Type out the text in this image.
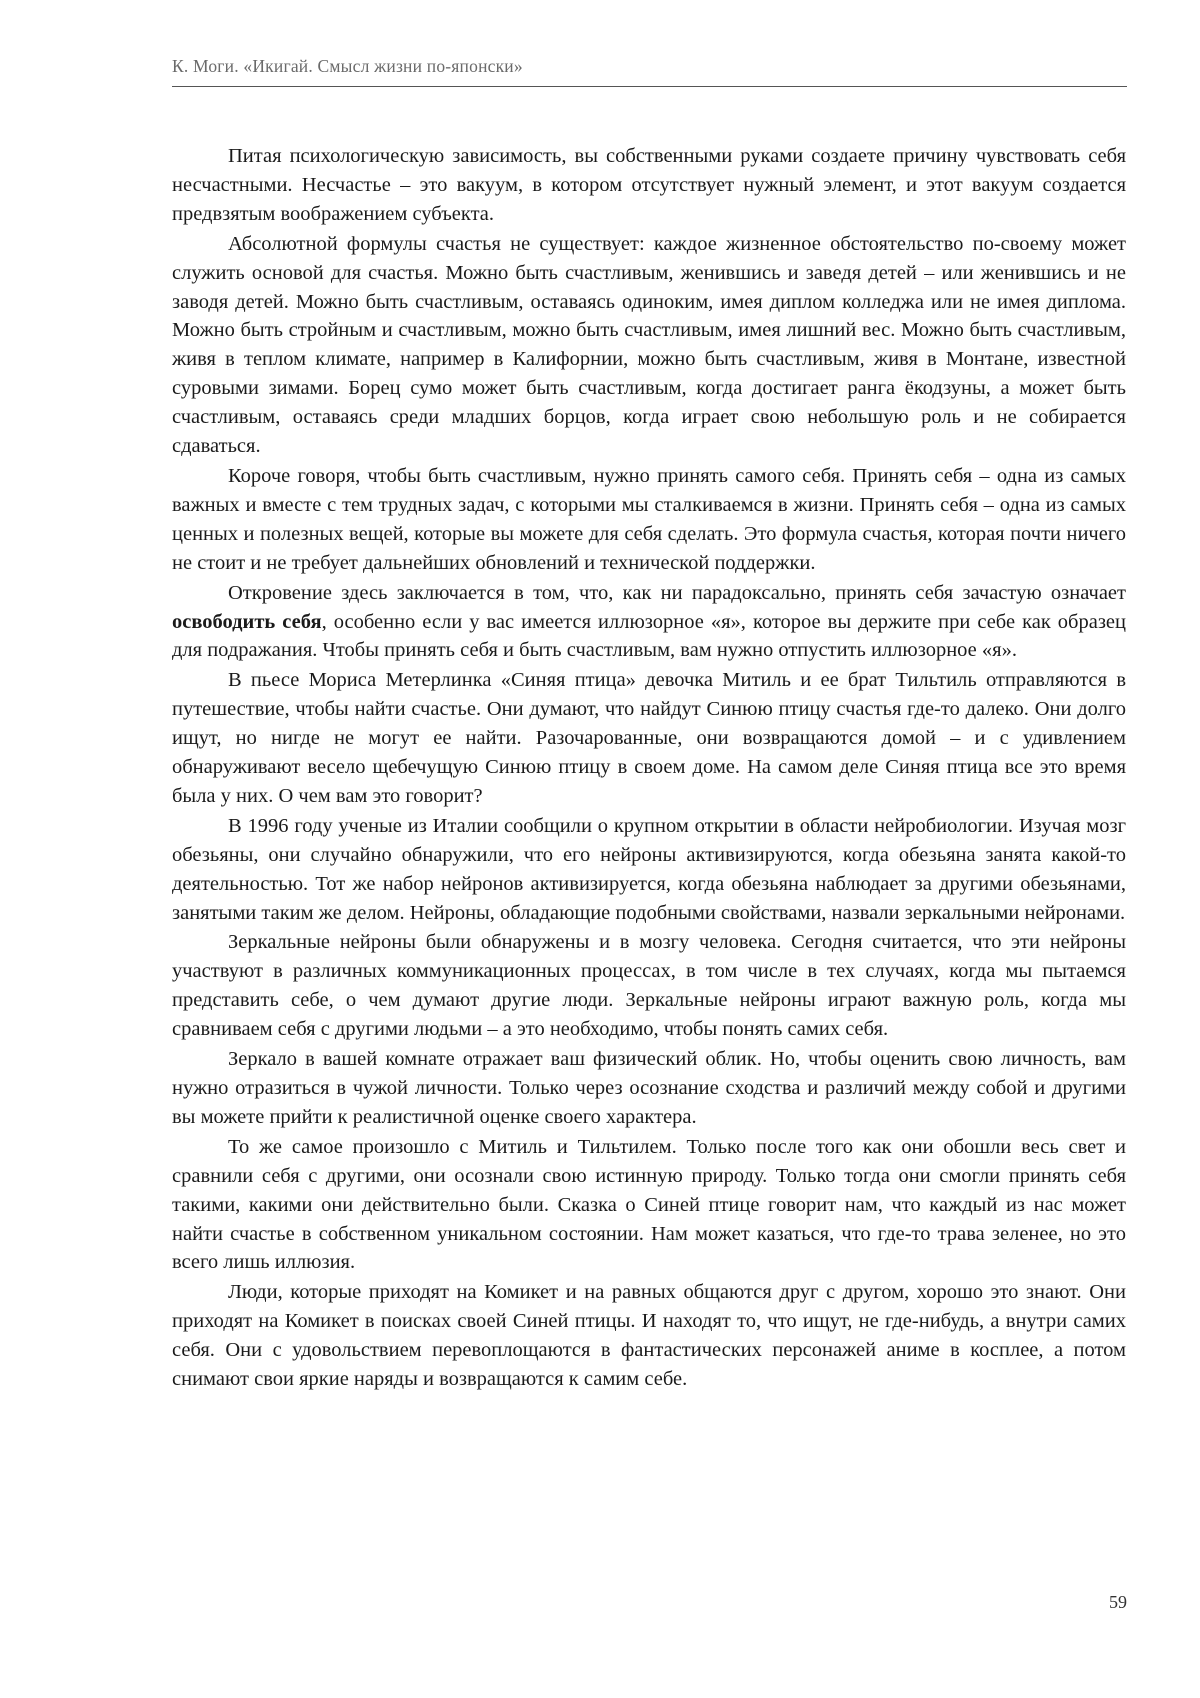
К. Моги. «Икигай. Смысл жизни по-японски»

Питая психологическую зависимость, вы собственными руками создаете причину чувствовать себя несчастными. Несчастье – это вакуум, в котором отсутствует нужный элемент, и этот вакуум создается предвзятым воображением субъекта.

Абсолютной формулы счастья не существует: каждое жизненное обстоятельство по-своему может служить основой для счастья. Можно быть счастливым, женившись и заведя детей – или женившись и не заводя детей. Можно быть счастливым, оставаясь одиноким, имея диплом колледжа или не имея диплома. Можно быть стройным и счастливым, можно быть счастливым, имея лишний вес. Можно быть счастливым, живя в теплом климате, например в Калифорнии, можно быть счастливым, живя в Монтане, известной суровыми зимами. Борец сумо может быть счастливым, когда достигает ранга ёкодзуны, а может быть счастливым, оставаясь среди младших борцов, когда играет свою небольшую роль и не собирается сдаваться.

Короче говоря, чтобы быть счастливым, нужно принять самого себя. Принять себя – одна из самых важных и вместе с тем трудных задач, с которыми мы сталкиваемся в жизни. Принять себя – одна из самых ценных и полезных вещей, которые вы можете для себя сделать. Это формула счастья, которая почти ничего не стоит и не требует дальнейших обновлений и технической поддержки.

Откровение здесь заключается в том, что, как ни парадоксально, принять себя зачастую означает освободить себя, особенно если у вас имеется иллюзорное «я», которое вы держите при себе как образец для подражания. Чтобы принять себя и быть счастливым, вам нужно отпустить иллюзорное «я».

В пьесе Мориса Метерлинка «Синяя птица» девочка Митиль и ее брат Тильтиль отправляются в путешествие, чтобы найти счастье. Они думают, что найдут Синюю птицу счастья где-то далеко. Они долго ищут, но нигде не могут ее найти. Разочарованные, они возвращаются домой – и с удивлением обнаруживают весело щебечущую Синюю птицу в своем доме. На самом деле Синяя птица все это время была у них. О чем вам это говорит?

В 1996 году ученые из Италии сообщили о крупном открытии в области нейробиологии. Изучая мозг обезьяны, они случайно обнаружили, что его нейроны активизируются, когда обезьяна занята какой-то деятельностью. Тот же набор нейронов активизируется, когда обезьяна наблюдает за другими обезьянами, занятыми таким же делом. Нейроны, обладающие подобными свойствами, назвали зеркальными нейронами.

Зеркальные нейроны были обнаружены и в мозгу человека. Сегодня считается, что эти нейроны участвуют в различных коммуникационных процессах, в том числе в тех случаях, когда мы пытаемся представить себе, о чем думают другие люди. Зеркальные нейроны играют важную роль, когда мы сравниваем себя с другими людьми – а это необходимо, чтобы понять самих себя.

Зеркало в вашей комнате отражает ваш физический облик. Но, чтобы оценить свою личность, вам нужно отразиться в чужой личности. Только через осознание сходства и различий между собой и другими вы можете прийти к реалистичной оценке своего характера.

То же самое произошло с Митиль и Тильтилем. Только после того как они обошли весь свет и сравнили себя с другими, они осознали свою истинную природу. Только тогда они смогли принять себя такими, какими они действительно были. Сказка о Синей птице говорит нам, что каждый из нас может найти счастье в собственном уникальном состоянии. Нам может казаться, что где-то трава зеленее, но это всего лишь иллюзия.

Люди, которые приходят на Комикет и на равных общаются друг с другом, хорошо это знают. Они приходят на Комикет в поисках своей Синей птицы. И находят то, что ищут, не где-нибудь, а внутри самих себя. Они с удовольствием перевоплощаются в фантастических персонажей аниме в косплее, а потом снимают свои яркие наряды и возвращаются к самим себе.

59
